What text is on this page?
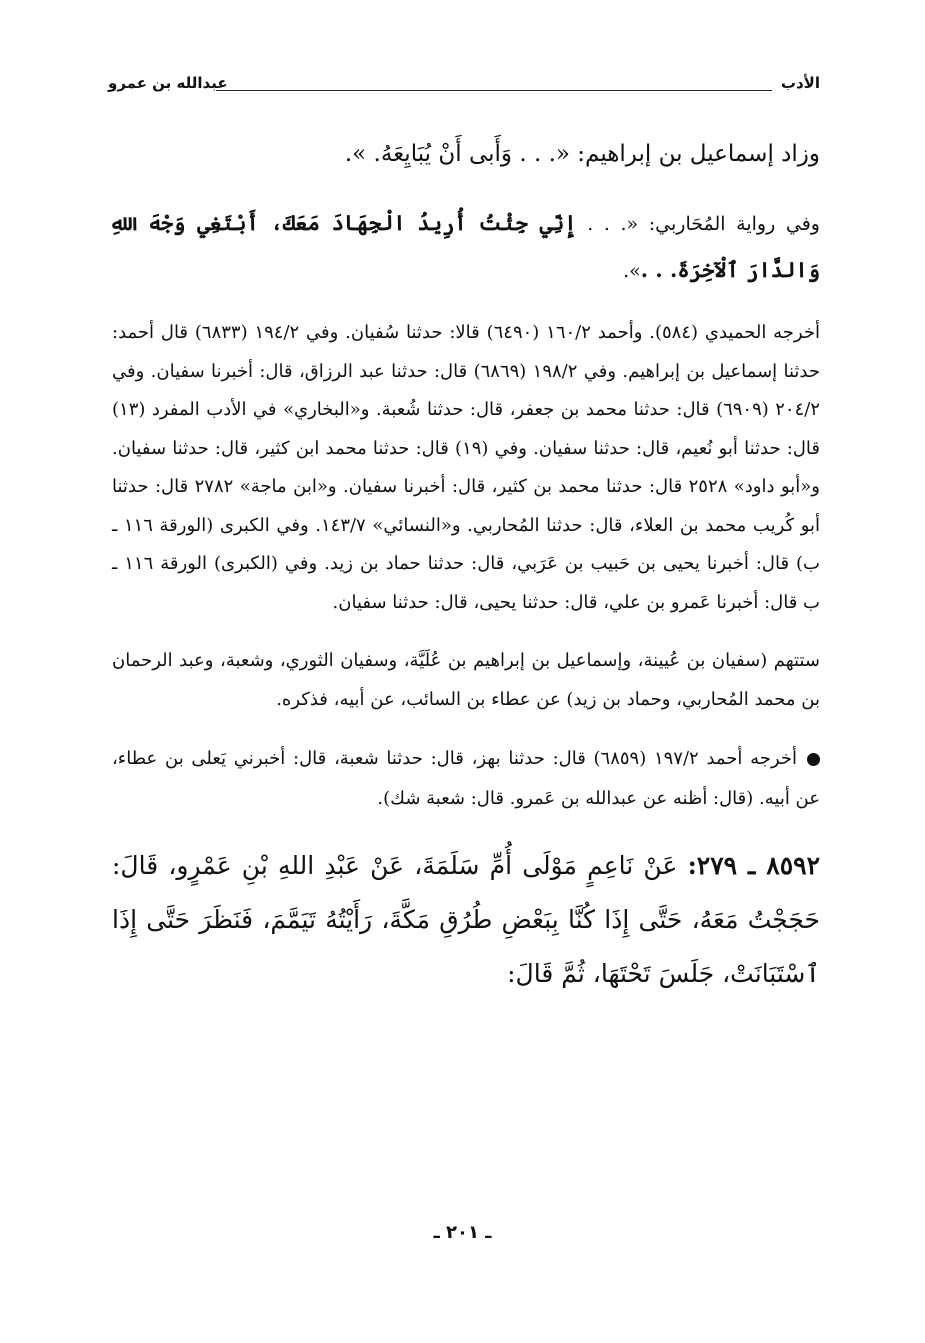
الأدب
عبدالله بن عمرو

وزاد إسماعيل بن إبراهيم: «. . . وَأَبى أَنْ يُبَايِعَهُ. ».

وفي رواية المُحَاربي: «. . . إِنِّي جِئْتُ أُرِيدُ الْجِهَادَ مَعَكَ، أَبْتَغِي وَجْهَ اللهِ وَالدَّارَ ٱلْآخِرَةَ. . .».

أخرجه الحميدي (٥٨٤). وأحمد ١٦٠/٢ (٦٤٩٠) قالا: حدثنا سُفيان. وفي ١٩٤/٢ (٦٨٣٣) قال أحمد: حدثنا إسماعيل بن إبراهيم. وفي ١٩٨/٢ (٦٨٦٩) قال: حدثنا عبد الرزاق، قال: أخبرنا سفيان. وفي ٢٠٤/٢ (٦٩٠٩) قال: حدثنا محمد بن جعفر، قال: حدثنا شُعبة. و«البخاري» في الأدب المفرد (١٣) قال: حدثنا أبو نُعيم، قال: حدثنا سفيان. وفي (١٩) قال: حدثنا محمد ابن كثير، قال: حدثنا سفيان. و«أبو داود» ٢٥٢٨ قال: حدثنا محمد بن كثير، قال: أخبرنا سفيان. و«ابن ماجة» ٢٧٨٢ قال: حدثنا أبو كُريب محمد بن العلاء، قال: حدثنا المُحاربي. و«النسائي» ١٤٣/٧. وفي الكبرى (الورقة ١١٦ ـ ب) قال: أخبرنا يحيى بن حَبيب بن عَرَبي، قال: حدثنا حماد بن زيد. وفي (الكبرى) الورقة ١١٦ ـ ب قال: أخبرنا عَمرو بن علي، قال: حدثنا يحيى، قال: حدثنا سفيان.

ستتهم (سفيان بن عُيينة، وإسماعيل بن إبراهيم بن عُلَيَّة، وسفيان الثوري، وشعبة، وعبد الرحمان بن محمد المُحاربي، وحماد بن زيد) عن عطاء بن السائب، عن أبيه، فذكره.

أخرجه أحمد ١٩٧/٢ (٦٨٥٩) قال: حدثنا بهز، قال: حدثنا شعبة، قال: أخبرني يَعلى بن عطاء، عن أبيه. (قال: أظنه عن عبدالله بن عَمرو. قال: شعبة شك).

٨٥٩٢ ـ ٢٧٩: عَنْ نَاعِمٍ مَوْلَى أُمِّ سَلَمَةَ، عَنْ عَبْدِ اللهِ بْنِ عَمْرٍو، قَالَ: حَجَجْتُ مَعَهُ، حَتَّى إِذَا كُنَّا بِبَعْضِ طُرُقِ مَكَّةَ، رَأَيْتُهُ تَيَمَّمَ، فَنَظَرَ حَتَّى إِذَا ٱسْتَبَانَتْ، جَلَسَ تَحْتَهَا، ثُمَّ قَالَ:

ـ ٢٠١ ـ
